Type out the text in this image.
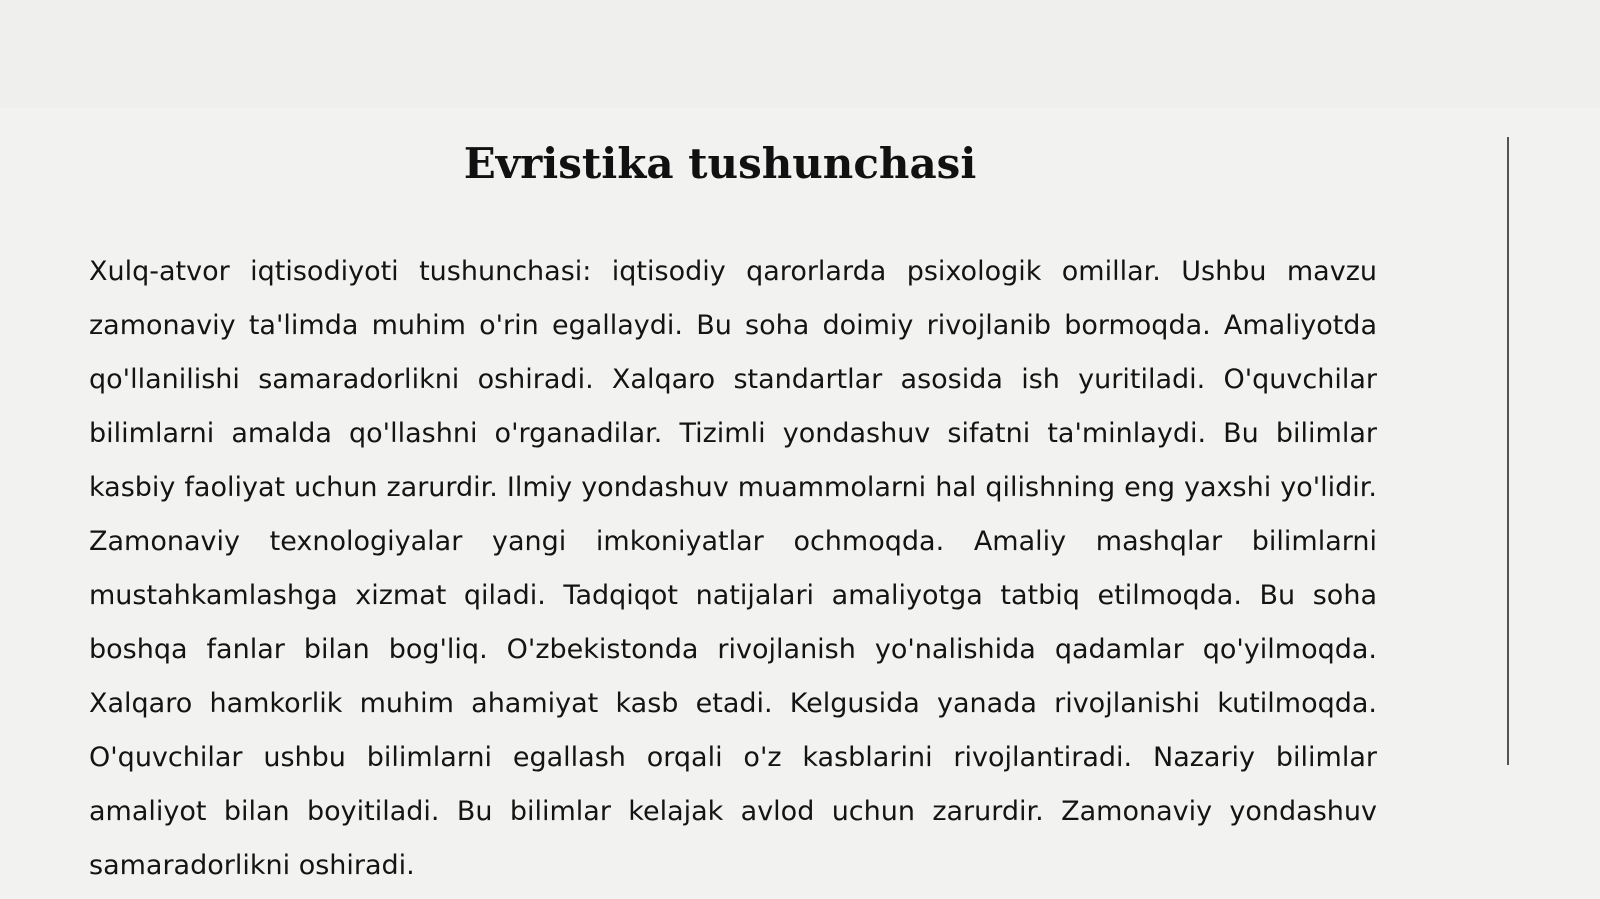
Evristika tushunchasi

Xulq-atvor iqtisodiyoti tushunchasi: iqtisodiy qarorlarda psixologik omillar. Ushbu mavzu zamonaviy ta'limda muhim o'rin egallaydi. Bu soha doimiy rivojlanib bormoqda. Amaliyotda qo'llanilishi samaradorlikni oshiradi. Xalqaro standartlar asosida ish yuritiladi. O'quvchilar bilimlarni amalda qo'llashni o'rganadilar. Tizimli yondashuv sifatni ta'minlaydi. Bu bilimlar kasbiy faoliyat uchun zarurdir. Ilmiy yondashuv muammolarni hal qilishning eng yaxshi yo'lidir. Zamonaviy texnologiyalar yangi imkoniyatlar ochmoqda. Amaliy mashqlar bilimlarni mustahkamlashga xizmat qiladi. Tadqiqot natijalari amaliyotga tatbiq etilmoqda. Bu soha boshqa fanlar bilan bog'liq. O'zbekistonda rivojlanish yo'nalishida qadamlar qo'yilmoqda. Xalqaro hamkorlik muhim ahamiyat kasb etadi. Kelgusida yanada rivojlanishi kutilmoqda. O'quvchilar ushbu bilimlarni egallash orqali o'z kasblarini rivojlantiradi. Nazariy bilimlar amaliyot bilan boyitiladi. Bu bilimlar kelajak avlod uchun zarurdir. Zamonaviy yondashuv samaradorlikni oshiradi.
